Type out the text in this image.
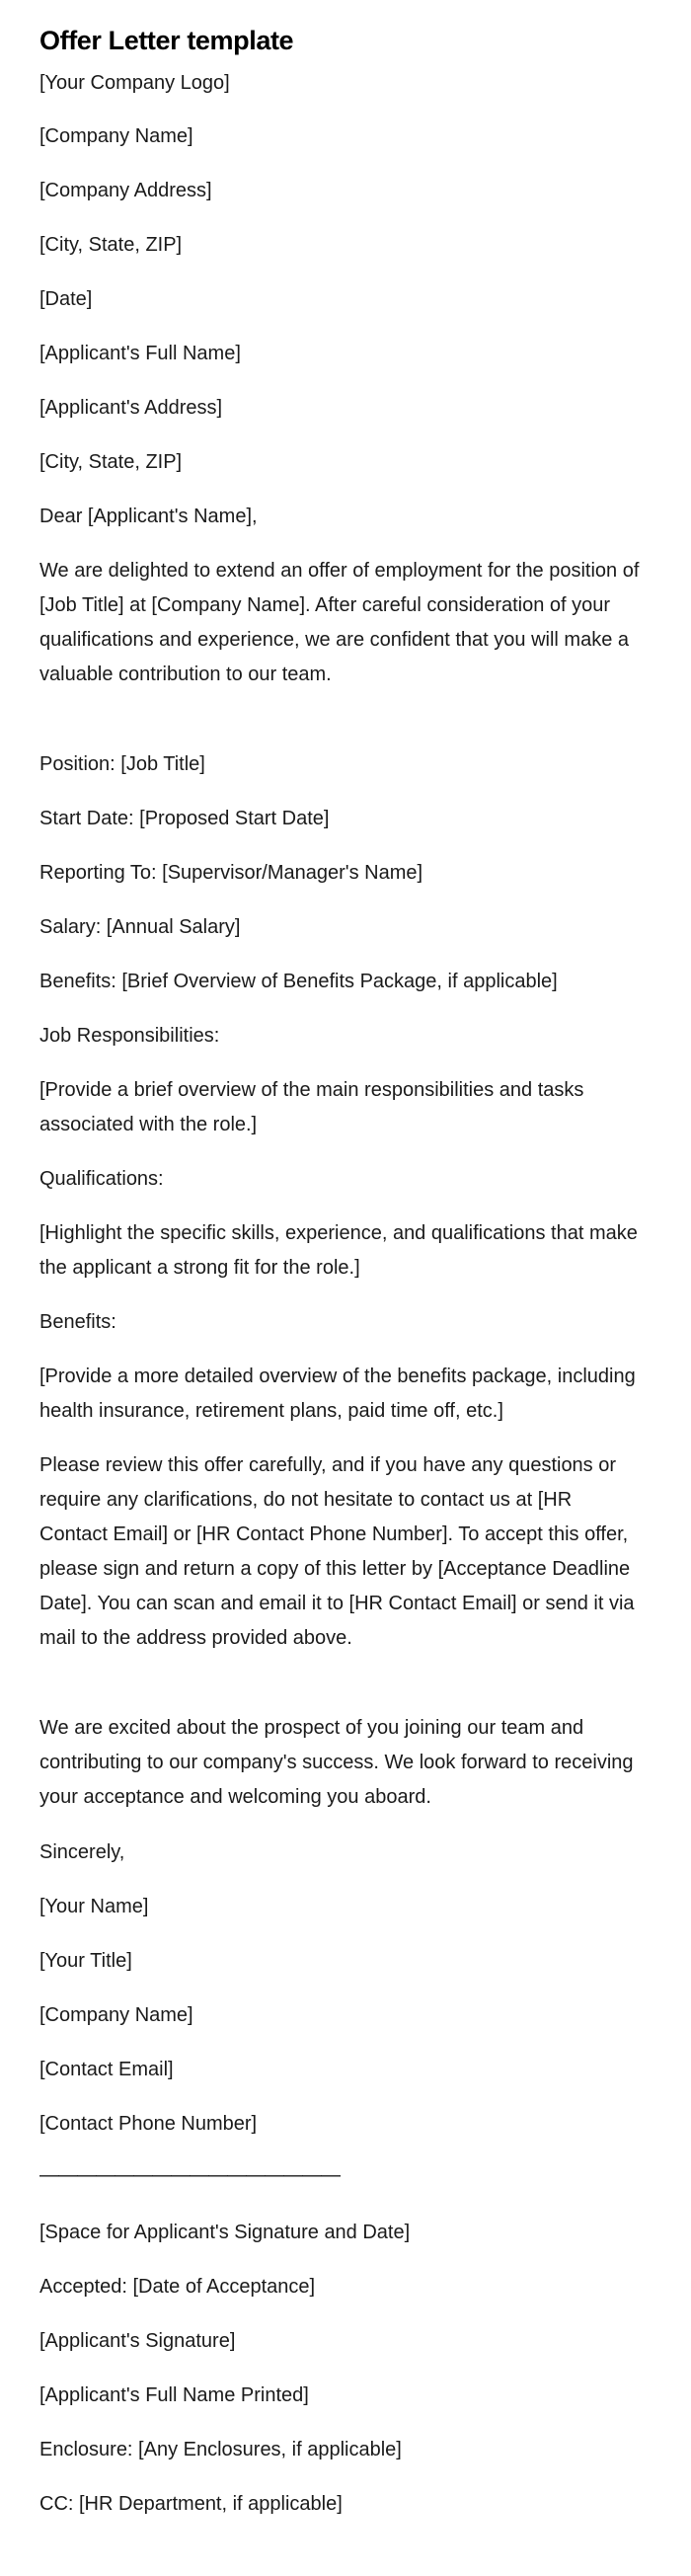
Offer Letter template

[Your Company Logo]

[Company Name]

[Company Address]

[City, State, ZIP]

[Date]

[Applicant's Full Name]

[Applicant's Address]

[City, State, ZIP]

Dear [Applicant's Name],

We are delighted to extend an offer of employment for the position of [Job Title] at [Company Name]. After careful consideration of your qualifications and experience, we are confident that you will make a valuable contribution to our team.

Position: [Job Title]

Start Date: [Proposed Start Date]

Reporting To: [Supervisor/Manager's Name]

Salary: [Annual Salary]

Benefits: [Brief Overview of Benefits Package, if applicable]

Job Responsibilities:

[Provide a brief overview of the main responsibilities and tasks associated with the role.]

Qualifications:

[Highlight the specific skills, experience, and qualifications that make the applicant a strong fit for the role.]

Benefits:

[Provide a more detailed overview of the benefits package, including health insurance, retirement plans, paid time off, etc.]

Please review this offer carefully, and if you have any questions or require any clarifications, do not hesitate to contact us at [HR Contact Email] or [HR Contact Phone Number]. To accept this offer, please sign and return a copy of this letter by [Acceptance Deadline Date]. You can scan and email it to [HR Contact Email] or send it via mail to the address provided above.

We are excited about the prospect of you joining our team and contributing to our company's success. We look forward to receiving your acceptance and welcoming you aboard.

Sincerely,

[Your Name]

[Your Title]

[Company Name]

[Contact Email]

[Contact Phone Number]

————————————————

[Space for Applicant's Signature and Date]

Accepted: [Date of Acceptance]

[Applicant's Signature]

[Applicant's Full Name Printed]

Enclosure: [Any Enclosures, if applicable]

CC: [HR Department, if applicable]
